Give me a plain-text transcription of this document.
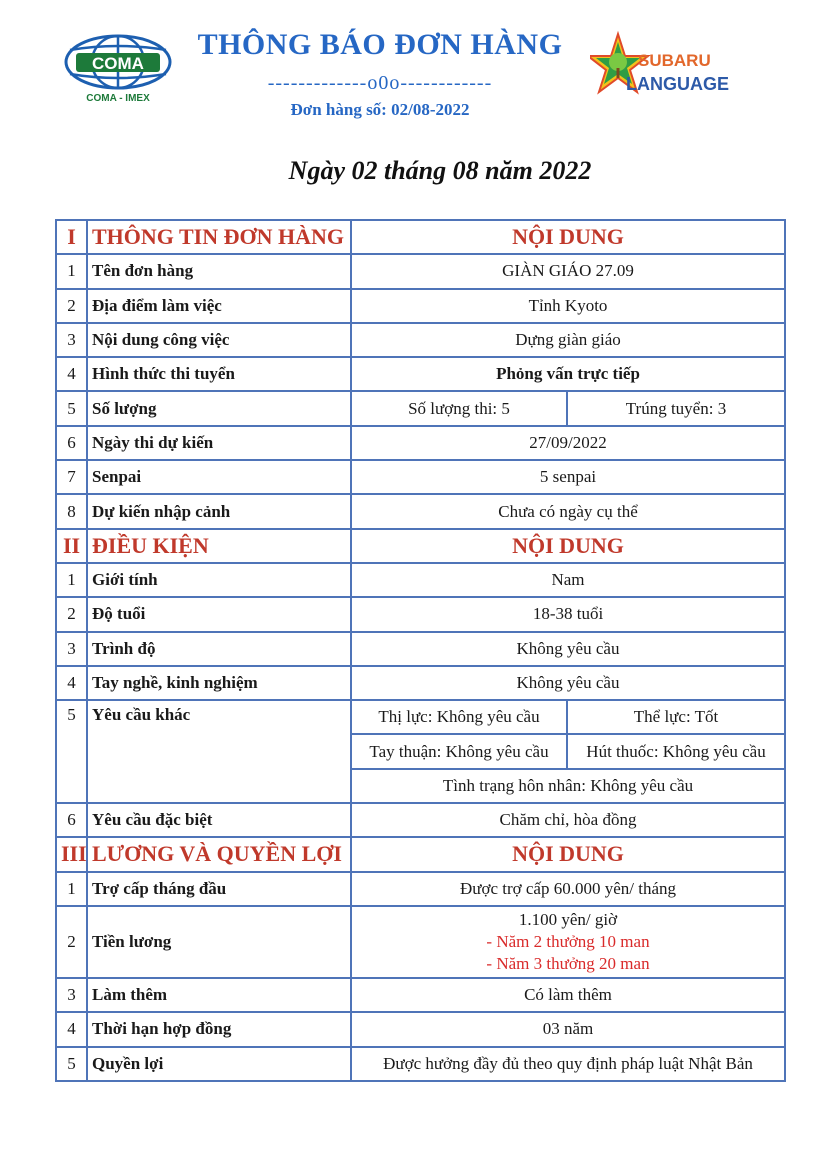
COMA
COMA - IMEX
THÔNG BÁO ĐƠN HÀNG
-------------o0o------------
Đơn hàng số: 02/08-2022
SUBARU
LANGUAGE
Ngày 02 tháng 08 năm 2022
I	THÔNG TIN ĐƠN HÀNG	NỘI DUNG	
1	Tên đơn hàng	GIÀN GIÁO 27.09	
2	Địa điểm làm việc	Tỉnh Kyoto	
3	Nội dung công việc	Dựng giàn giáo	
4	Hình thức thi tuyển	Phỏng vấn trực tiếp	
5	Số lượng	Số lượng thi: 5	Trúng tuyển: 3
6	Ngày thi dự kiến	27/09/2022	
7	Senpai	5 senpai	
8	Dự kiến nhập cảnh	Chưa có ngày cụ thể	
II	ĐIỀU KIỆN	NỘI DUNG	
1	Giới tính	Nam	
2	Độ tuổi	18-38 tuổi	
3	Trình độ	Không yêu cầu	
4	Tay nghề, kinh nghiệm	Không yêu cầu	
5	Yêu cầu khác	Thị lực: Không yêu cầu	Thể lực: Tốt
		Tay thuận: Không yêu cầu	Hút thuốc: Không yêu cầu
		Tình trạng hôn nhân: Không yêu cầu	
6	Yêu cầu đặc biệt	Chăm chỉ, hòa đồng	
III	LƯƠNG VÀ QUYỀN LỢI	NỘI DUNG	
1	Trợ cấp tháng đầu	Được trợ cấp 60.000 yên/ tháng	
2	Tiền lương	1.100 yên/ giờ
- Năm 2 thưởng 10 man
- Năm 3 thưởng 20 man	

3	Làm thêm	Có làm thêm	
4	Thời hạn hợp đồng	03 năm	
5	Quyền lợi	Được hưởng đầy đủ theo quy định pháp luật Nhật Bản	
